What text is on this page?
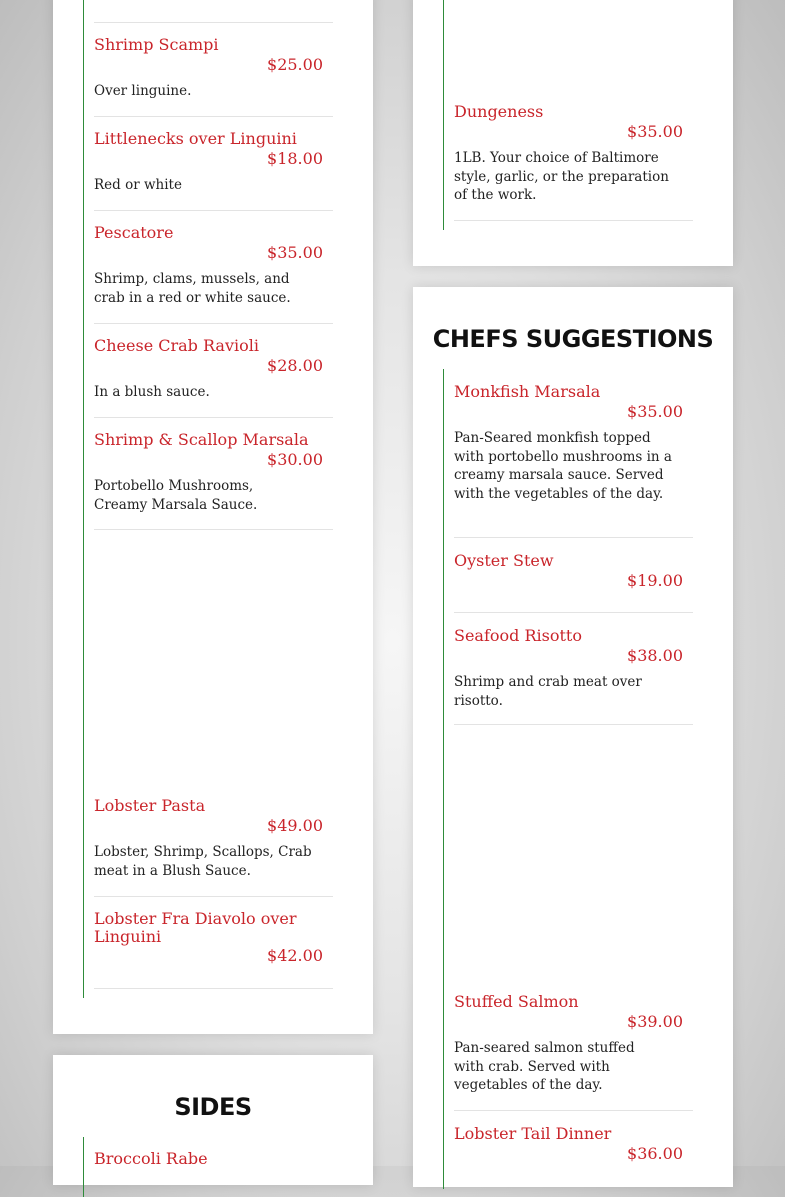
Shrimp Scampi
$25.00
Over linguine.
Littlenecks over Linguini
$18.00
Red or white
Pescatore
$35.00
Shrimp, clams, mussels, and crab in a red or white sauce.
Cheese Crab Ravioli
$28.00
In a blush sauce.
Shrimp & Scallop Marsala
$30.00
Portobello Mushrooms, Creamy Marsala Sauce.
Lobster Pasta
$49.00
Lobster, Shrimp, Scallops, Crab meat in a Blush Sauce.
Lobster Fra Diavolo over Linguini
$42.00
SIDES
Broccoli Rabe
Dungeness
$35.00
1LB. Your choice of Baltimore style, garlic, or the preparation of the work.
CHEFS SUGGESTIONS
Monkfish Marsala
$35.00
Pan-Seared monkfish topped with portobello mushrooms in a creamy marsala sauce. Served with the vegetables of the day.
Oyster Stew
$19.00
Seafood Risotto
$38.00
Shrimp and crab meat over risotto.
Stuffed Salmon
$39.00
Pan-seared salmon stuffed with crab. Served with vegetables of the day.
Lobster Tail Dinner
$36.00
